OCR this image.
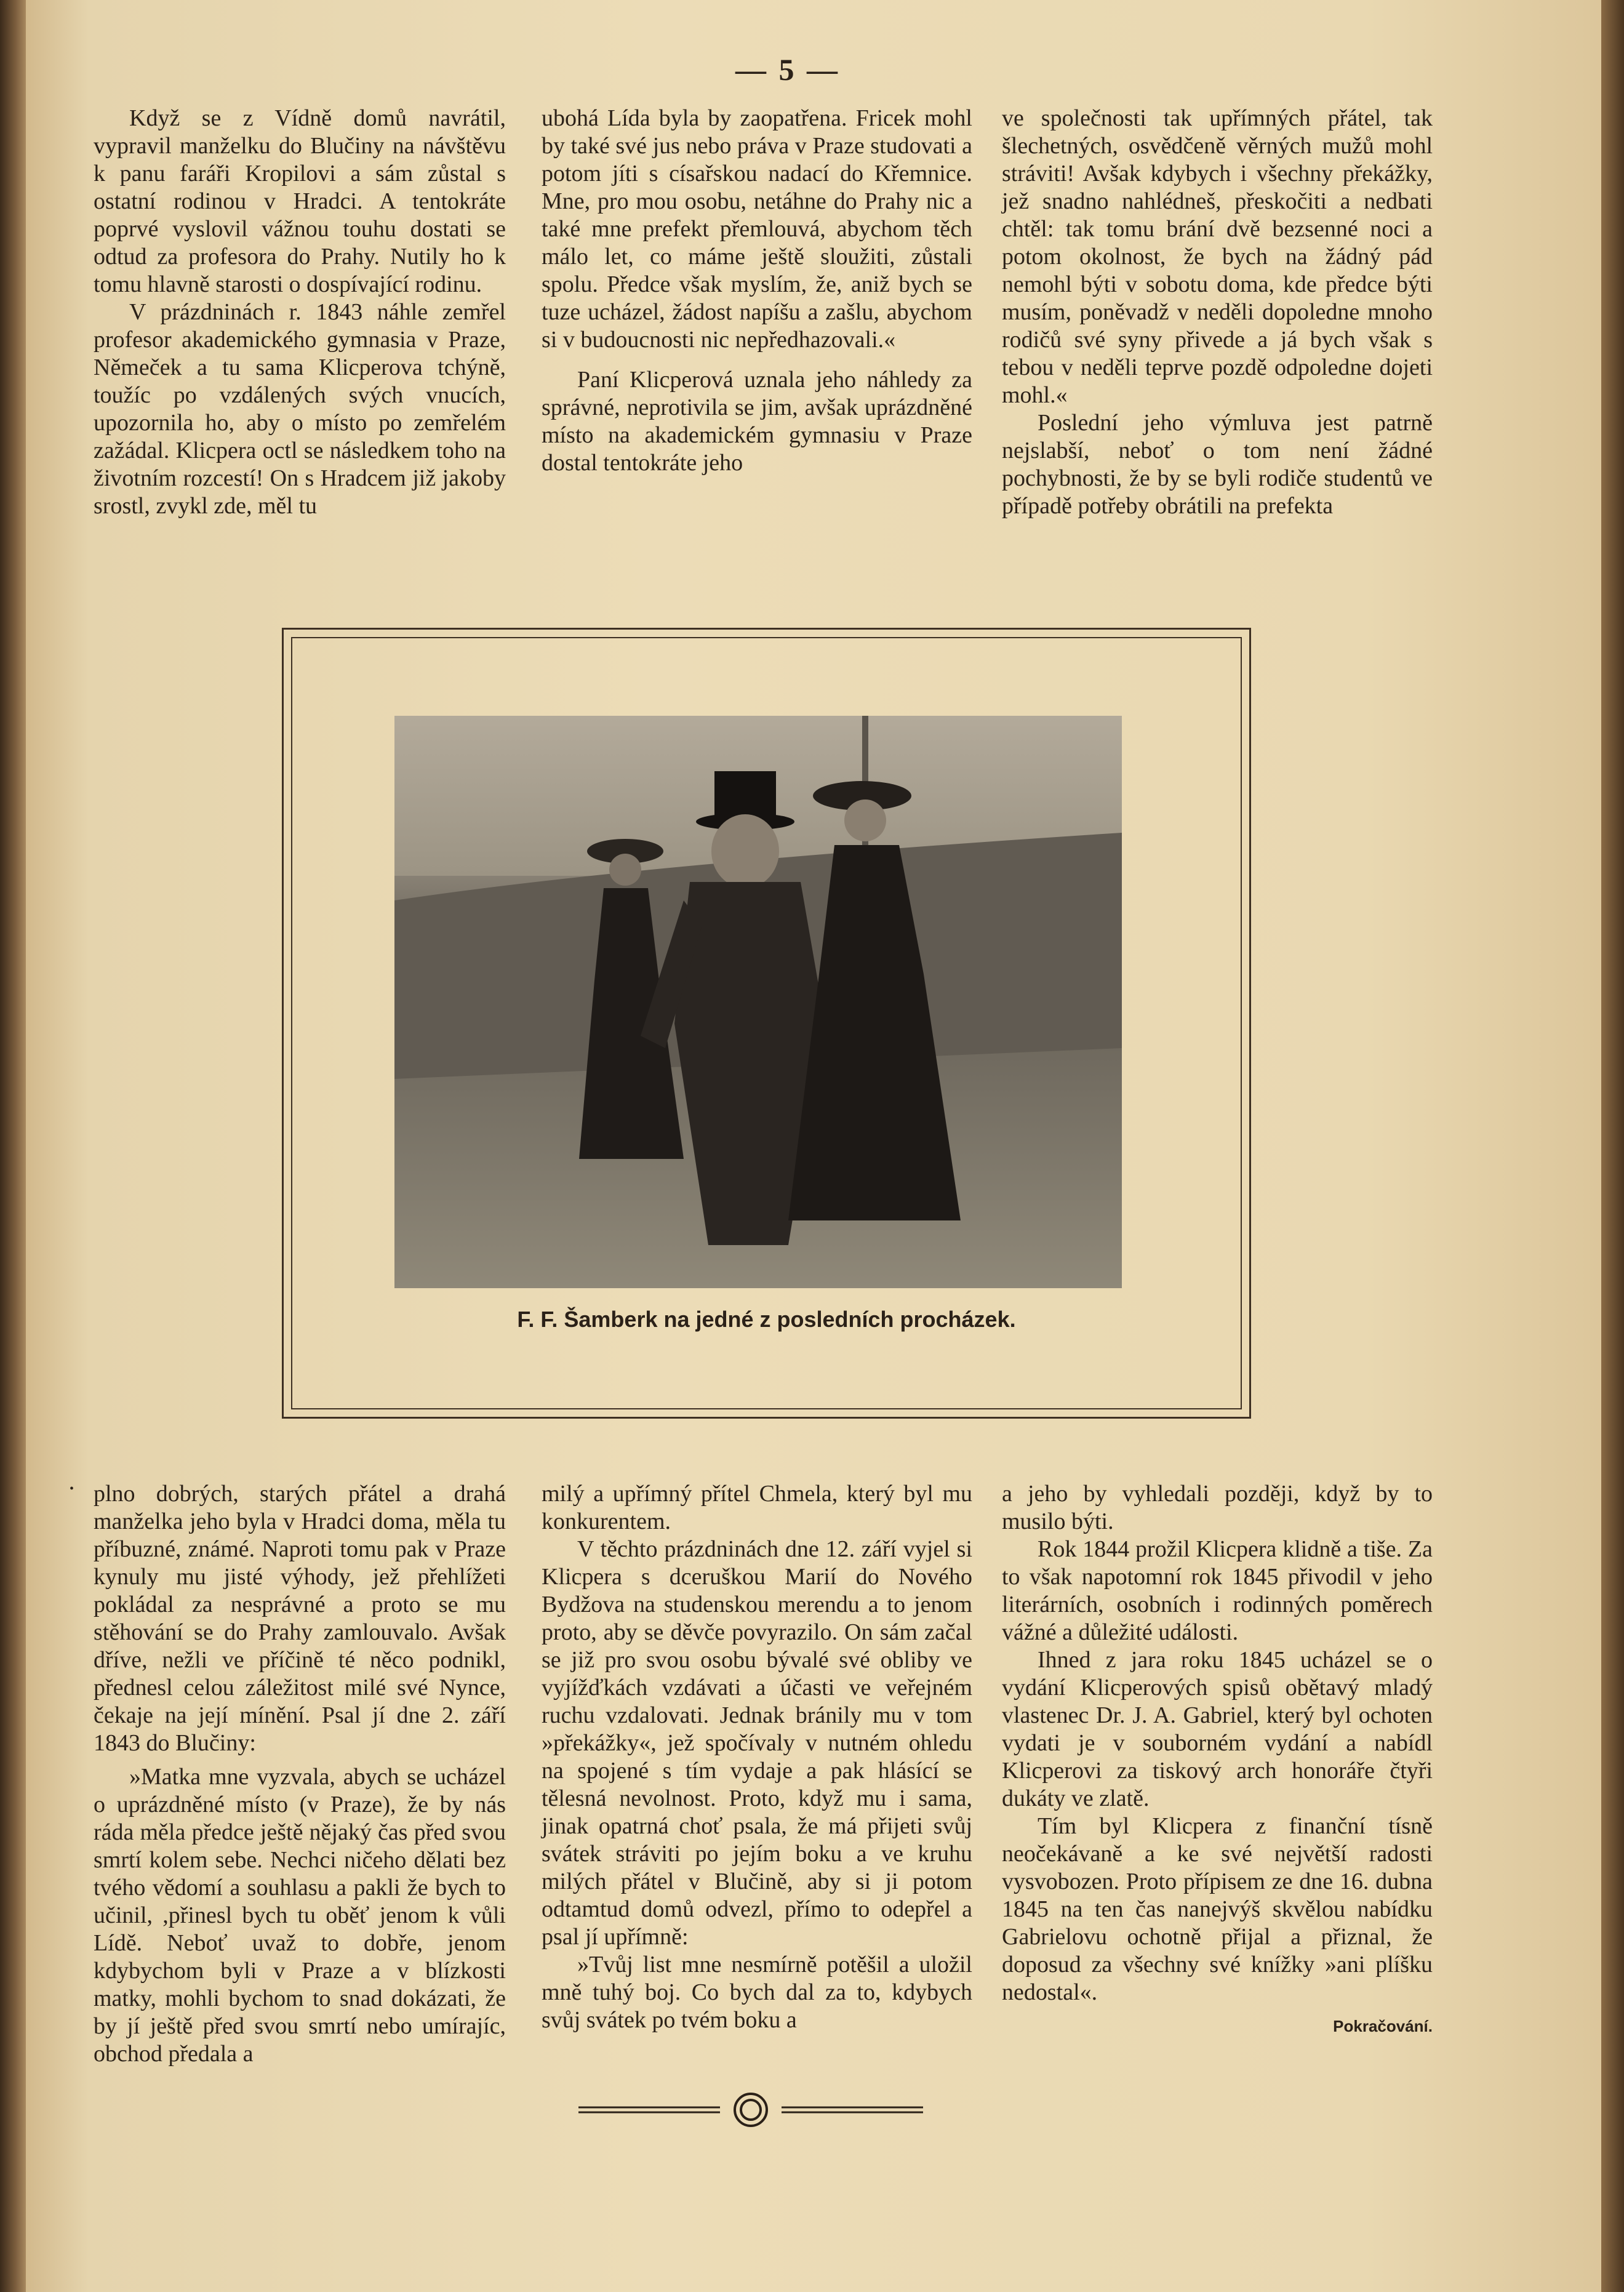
— 5 —

Když se z Vídně domů navrátil, vypravil manželku do Blučiny na návštěvu k panu faráři Kropilovi a sám zůstal s ostatní rodinou v Hradci. A tentokráte poprvé vyslovil vážnou touhu dostati se odtud za profesora do Prahy. Nutily ho k tomu hlavně starosti o dospívající rodinu.

V prázdninách r. 1843 náhle zemřel profesor akademického gymnasia v Praze, Němeček a tu sama Klicperova tchýně, toužíc po vzdálených svých vnucích, upozornila ho, aby o místo po zemřelém zažádal. Klicpera octl se následkem toho na životním rozcestí! On s Hradcem již jakoby srostl, zvykl zde, měl tu

ubohá Lída byla by zaopatřena. Fricek mohl by také své jus nebo práva v Praze studovati a potom jíti s císařskou nadací do Křemnice. Mne, pro mou osobu, netáhne do Prahy nic a také mne prefekt přemlouvá, abychom těch málo let, co máme ještě sloužiti, zůstali spolu. Předce však myslím, že, aniž bych se tuze ucházel, žádost napíšu a zašlu, abychom si v budoucnosti nic nepředhazovali.«

Paní Klicperová uznala jeho náhledy za správné, neprotivila se jim, avšak uprázdněné místo na akademickém gymnasiu v Praze dostal tentokráte jeho

ve společnosti tak upřímných přátel, tak šlechetných, osvědčeně věrných mužů mohl stráviti! Avšak kdybych i všechny překážky, jež snadno nahlédneš, přeskočiti a nedbati chtěl: tak tomu brání dvě bezsenné noci a potom okolnost, že bych na žádný pád nemohl býti v sobotu doma, kde předce býti musím, poněvadž v neděli dopoledne mnoho rodičů své syny přivede a já bych však s tebou v neděli teprve pozdě odpoledne dojeti mohl.«

Poslední jeho výmluva jest patrně nejslabší, neboť o tom není žádné pochybnosti, že by se byli rodiče studentů ve případě potřeby obrátili na prefekta

F. F. Šamberk na jedné z posledních procházek.
• plno dobrých, starých přátel a drahá manželka jeho byla v Hradci doma, měla tu příbuzné, známé. Naproti tomu pak v Praze kynuly mu jisté výhody, jež přehlížeti pokládal za nesprávné a proto se mu stěhování se do Prahy zamlouvalo. Avšak dříve, nežli ve příčině té něco podnikl, přednesl celou záležitost milé své Nynce, čekaje na její mínění. Psal jí dne 2. září 1843 do Blučiny:

»Matka mne vyzvala, abych se ucházel o uprázdněné místo (v Praze), že by nás ráda měla předce ještě nějaký čas před svou smrtí kolem sebe. Nechci ničeho dělati bez tvého vědomí a souhlasu a pakli že bych to učinil, ,přinesl bych tu oběť jenom k vůli Lídě. Neboť uvaž to dobře, jenom kdybychom byli v Praze a v blízkosti matky, mohli bychom to snad dokázati, že by jí ještě před svou smrtí nebo umírajíc, obchod předala a

milý a upřímný přítel Chmela, který byl mu konkurentem.

V těchto prázdninách dne 12. září vyjel si Klicpera s dceruškou Marií do Nového Bydžova na studenskou merendu a to jenom proto, aby se děvče povyrazilo. On sám začal se již pro svou osobu bývalé své obliby ve vyjížďkách vzdávati a účasti ve veřejném ruchu vzdalovati. Jednak bránily mu v tom »překážky«, jež spočívaly v nutném ohledu na spojené s tím vydaje a pak hlásící se tělesná nevolnost. Proto, když mu i sama, jinak opatrná choť psala, že má přijeti svůj svátek stráviti po jejím boku a ve kruhu milých přátel v Blučině, aby si ji potom odtamtud domů odvezl, přímo to odepřel a psal jí upřímně:

»Tvůj list mne nesmírně potěšil a uložil mně tuhý boj. Co bych dal za to, kdybych svůj svátek po tvém boku a

a jeho by vyhledali později, když by to musilo býti.

Rok 1844 prožil Klicpera klidně a tiše. Za to však napotomní rok 1845 přivodil v jeho literárních, osobních i rodinných poměrech vážné a důležité události.

Ihned z jara roku 1845 ucházel se o vydání Klicperových spisů obětavý mladý vlastenec Dr. J. A. Gabriel, který byl ochoten vydati je v souborném vydání a nabídl Klicperovi za tiskový arch honoráře čtyři dukáty ve zlatě.

Tím byl Klicpera z finanční tísně neočekávaně a ke své největší radosti vysvobozen. Proto přípisem ze dne 16. dubna 1845 na ten čas nanejvýš skvělou nabídku Gabrielovu ochotně přijal a přiznal, že doposud za všechny své knížky »ani plíšku nedostal«.

Pokračování.
